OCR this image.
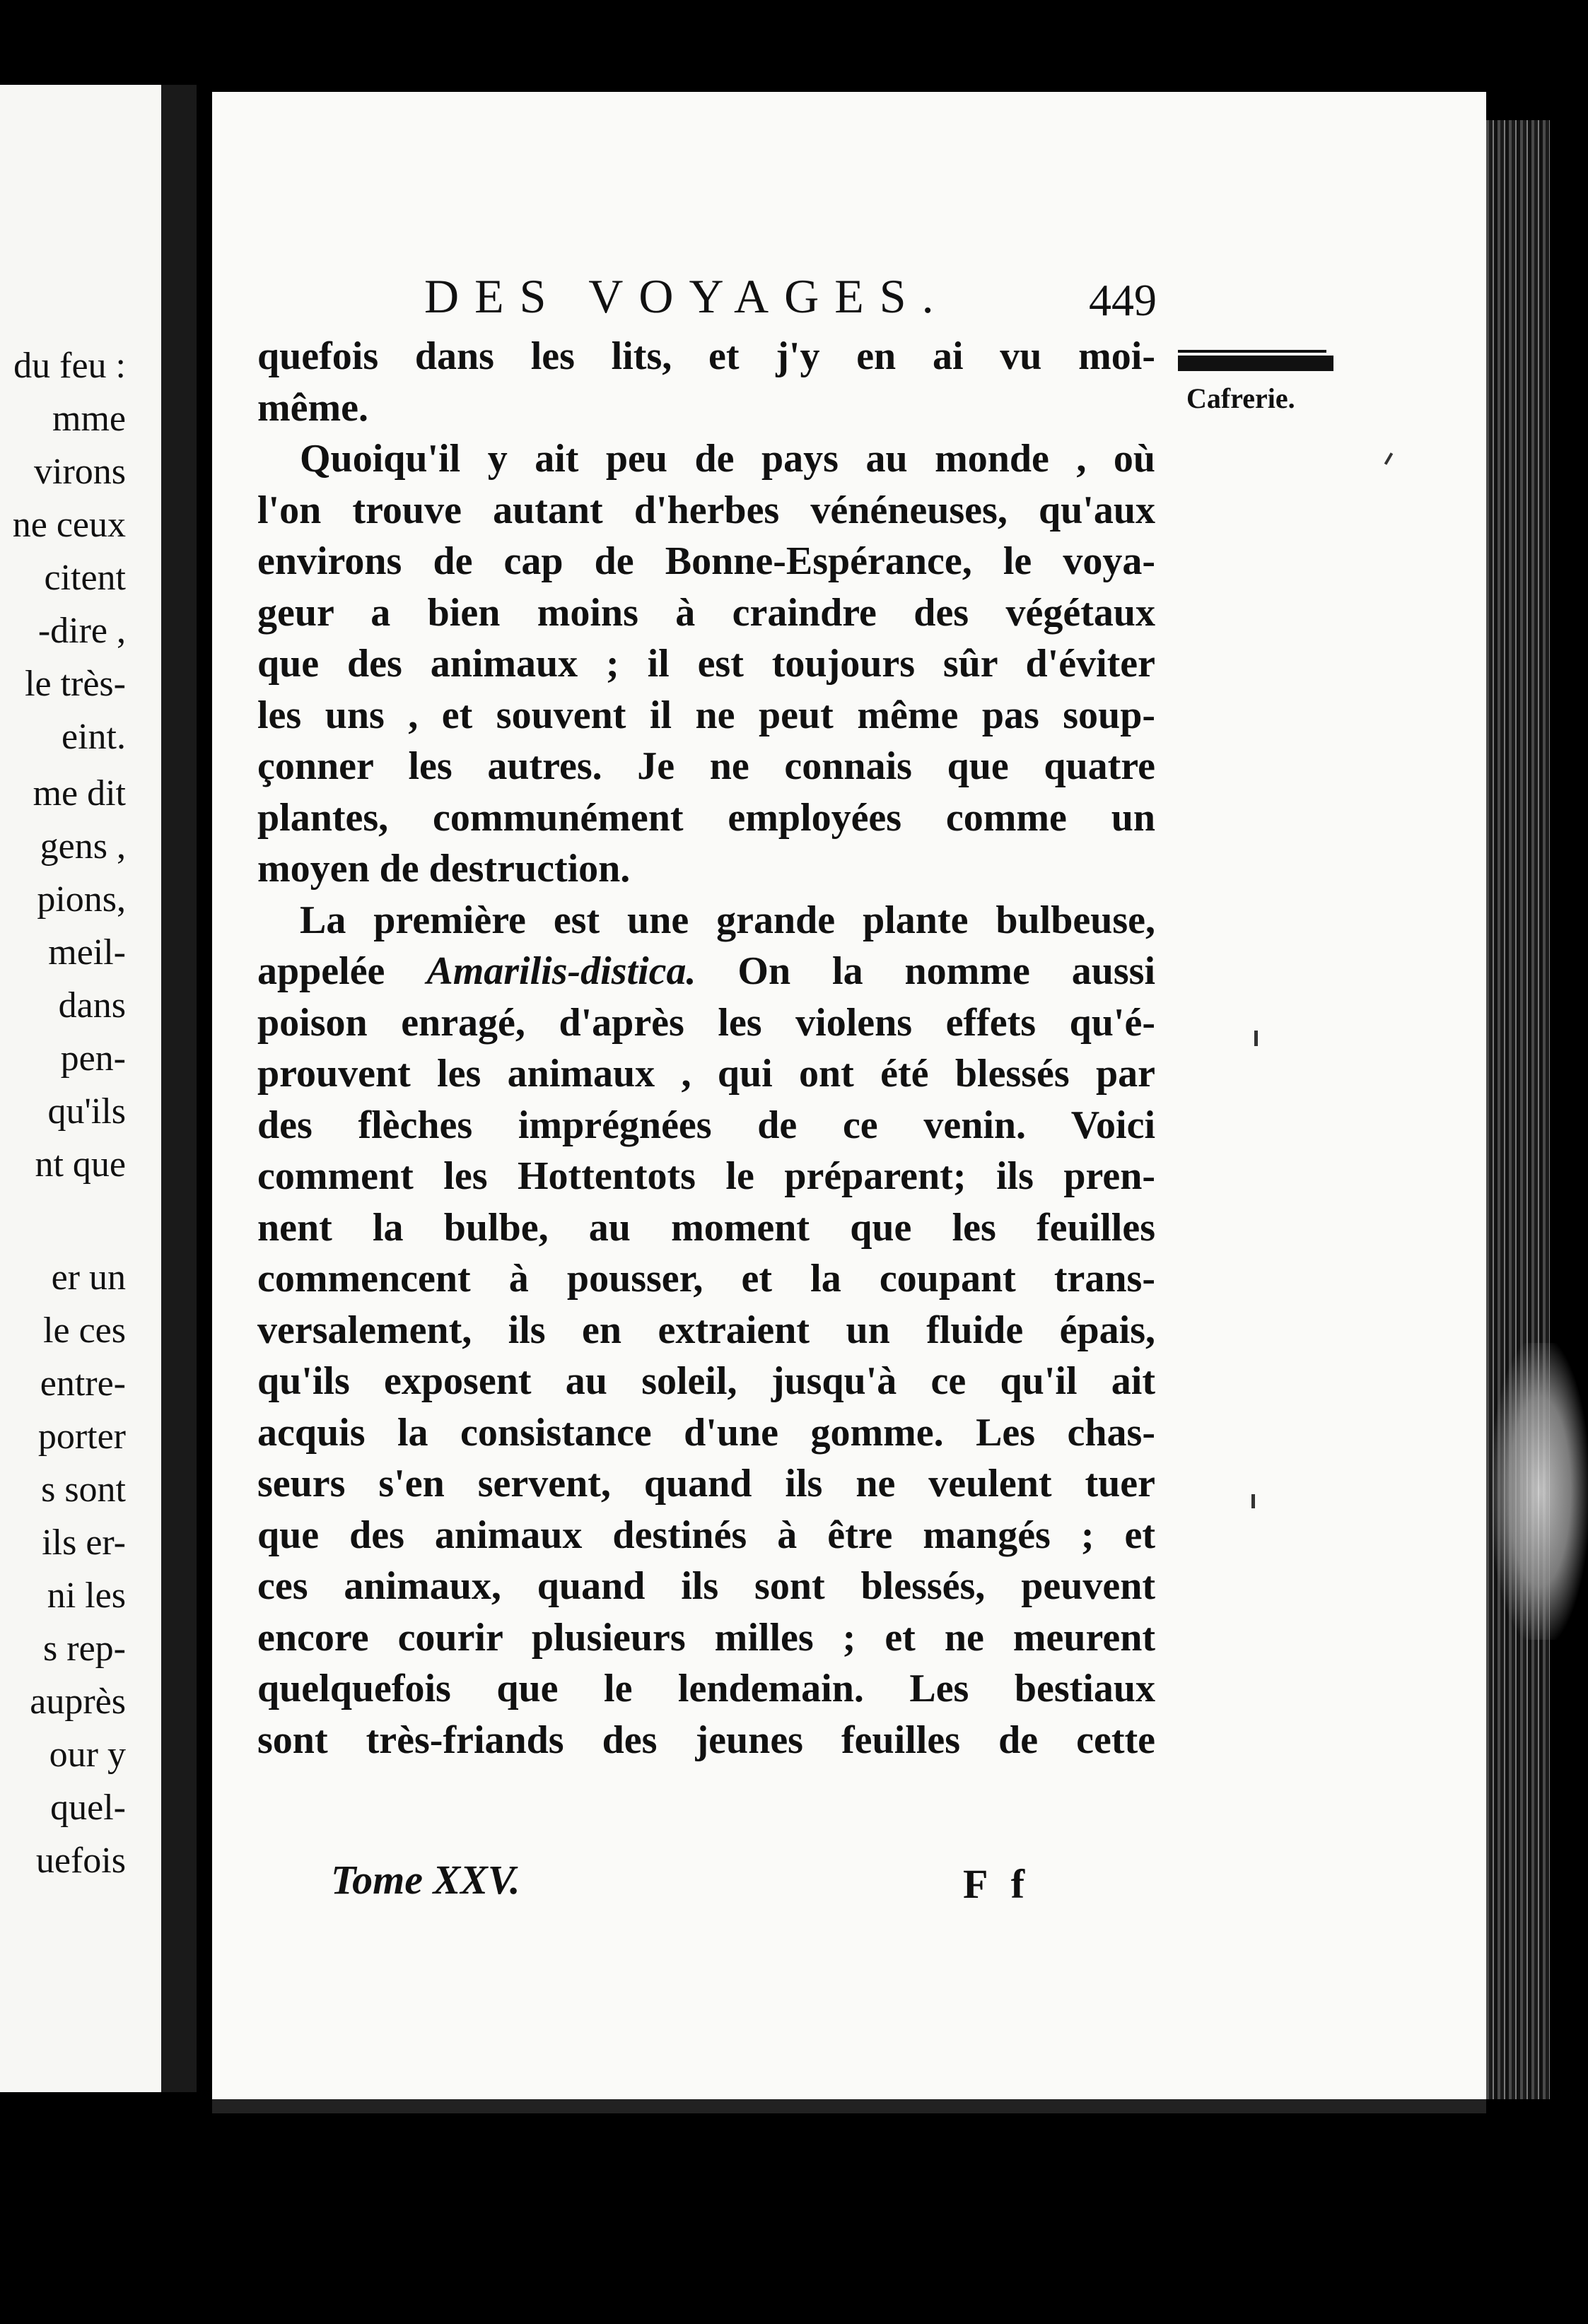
du feu :
mme
virons
ne ceux
citent
-dire ,
le très-
eint.
me dit
gens ,
pions,
meil-
dans
pen-
qu'ils
nt que
er un
le ces
entre-
porter
s sont
ils er-
ni les
s rep-
auprès
our y
quel-
uefois
DES VOYAGES.	449
Cafrerie.
quefois dans les lits, et j'y en ai vu moi-
même.
Quoiqu'il y ait peu de pays au monde , où
l'on trouve autant d'herbes vénéneuses, qu'aux
environs de cap de Bonne-Espérance, le voya-
geur a bien moins à craindre des végétaux
que des animaux ; il est toujours sûr d'éviter
les uns , et souvent il ne peut même pas soup-
çonner les autres. Je ne connais que quatre
plantes, communément employées comme un
moyen de destruction.
La première est une grande plante bulbeuse,
appelée Amarilis-distica. On la nomme aussi
poison enragé, d'après les violens effets qu'é-
prouvent les animaux , qui ont été blessés par
des flèches imprégnées de ce venin. Voici
comment les Hottentots le préparent; ils pren-
nent la bulbe, au moment que les feuilles
commencent à pousser, et la coupant trans-
versalement, ils en extraient un fluide épais,
qu'ils exposent au soleil, jusqu'à ce qu'il ait
acquis la consistance d'une gomme. Les chas-
seurs s'en servent, quand ils ne veulent tuer
que des animaux destinés à être mangés ; et
ces animaux, quand ils sont blessés, peuvent
encore courir plusieurs milles ; et ne meurent
quelquefois que le lendemain. Les bestiaux
sont très-friands des jeunes feuilles de cette
Tome XXV.	F f
